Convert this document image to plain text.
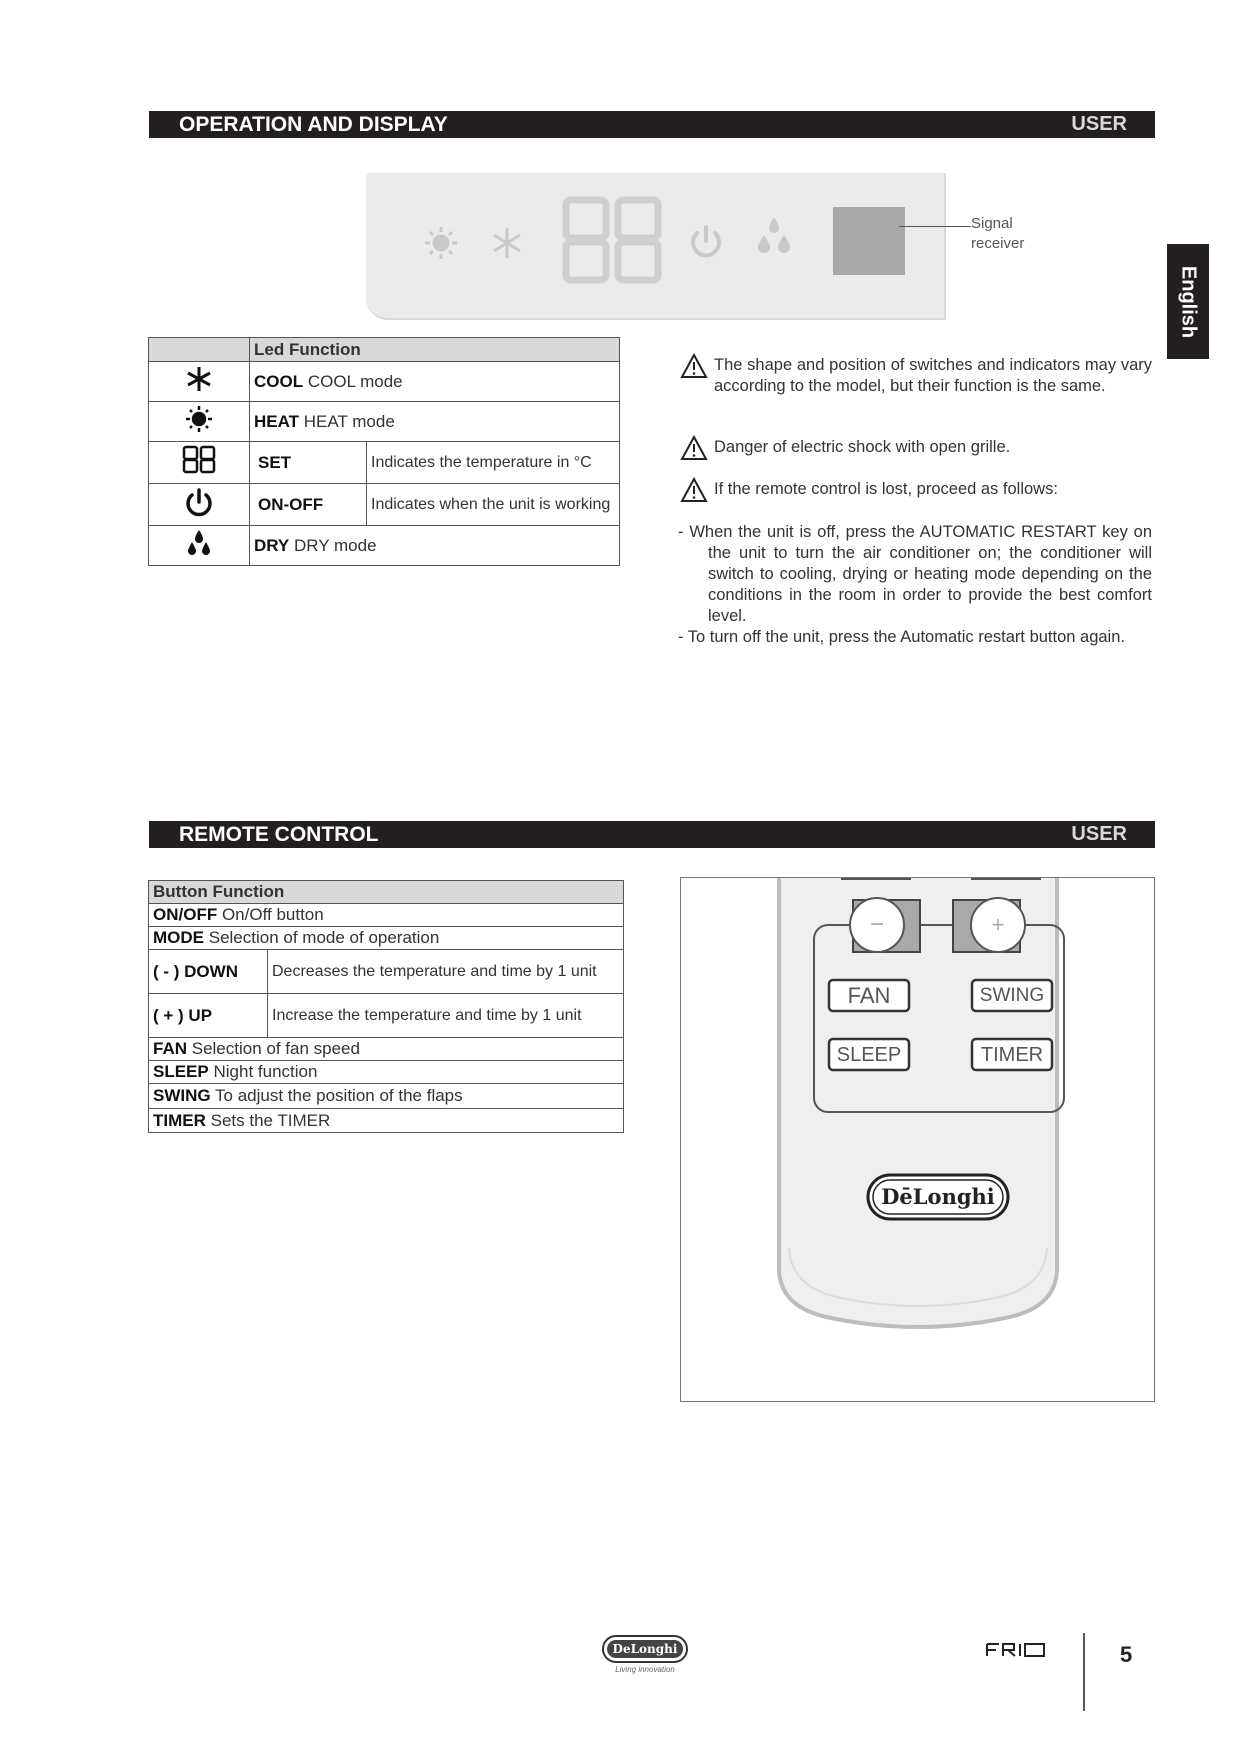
OPERATION AND DISPLAY	USER
English
Signal
receiver
	Led Function	
	COOL COOL mode	
	HEAT HEAT mode	
	SET	Indicates the temperature in °C
	ON-OFF	Indicates when the unit is working
	DRY DRY mode	
The shape and position of switches and indicators may vary according to the model, but their function is the same.
Danger of electric shock with open grille.
If the remote control is lost, proceed as follows:
- When the unit is off, press the AUTOMATIC RESTART key on the unit to turn the air conditioner on; the conditioner will switch to cooling, drying or heating mode depending on the conditions in the room in order to provide the best comfort level.
- To turn off the unit, press the Automatic restart button again.
REMOTE CONTROL	USER
Button Function	
ON/OFF On/Off button	
MODE Selection of mode of operation	
( - ) DOWN	Decreases the temperature and time by 1 unit
( + ) UP	Increase the temperature and time by 1 unit
FAN Selection of fan speed	
SLEEP Night function	
SWING To adjust the position of the flaps	
TIMER Sets the TIMER	
−	+
FAN	SWING
SLEEP	TIMER
DēLonghi
DeLonghi
Living innovation
5
